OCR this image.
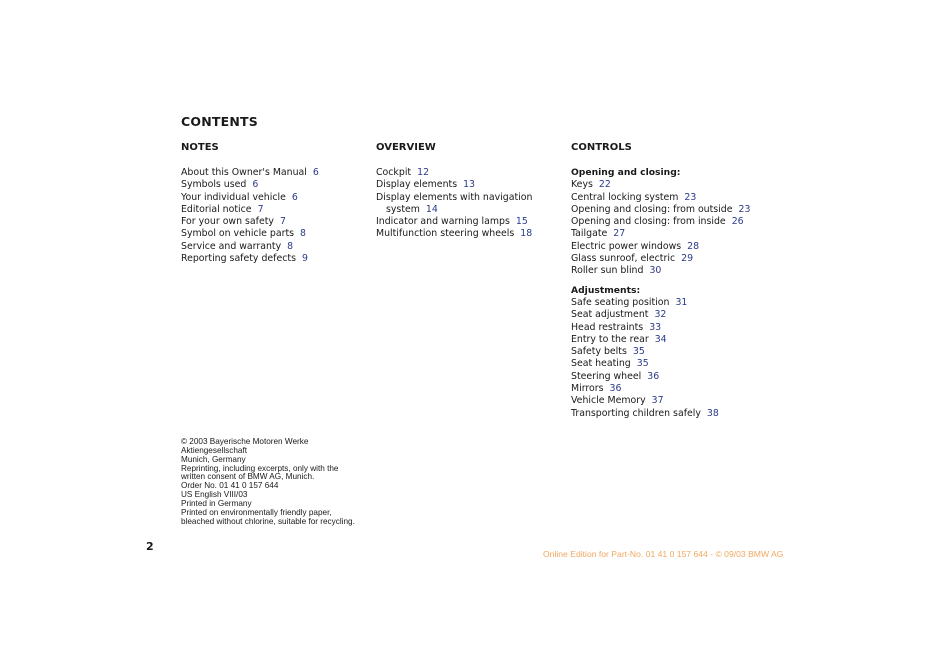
CONTENTS
NOTES
About this Owner's Manual 6
Symbols used 6
Your individual vehicle 6
Editorial notice 7
For your own safety 7
Symbol on vehicle parts 8
Service and warranty 8
Reporting safety defects 9
OVERVIEW
Cockpit 12
Display elements 13
Display elements with navigation
system 14
Indicator and warning lamps 15
Multifunction steering wheels 18
CONTROLS
Opening and closing:
Keys 22
Central locking system 23
Opening and closing: from outside 23
Opening and closing: from inside 26
Tailgate 27
Electric power windows 28
Glass sunroof, electric 29
Roller sun blind 30
Adjustments:
Safe seating position 31
Seat adjustment 32
Head restraints 33
Entry to the rear 34
Safety belts 35
Seat heating 35
Steering wheel 36
Mirrors 36
Vehicle Memory 37
Transporting children safely 38
© 2003 Bayerische Motoren Werke
Aktiengesellschaft
Munich, Germany
Reprinting, including excerpts, only with the
written consent of BMW AG, Munich.
Order No. 01 41 0 157 644
US English VIII/03
Printed in Germany
Printed on environmentally friendly paper,
bleached without chlorine, suitable for recycling.
2
Online Edition for Part-No. 01 41 0 157 644 - © 09/03 BMW AG
